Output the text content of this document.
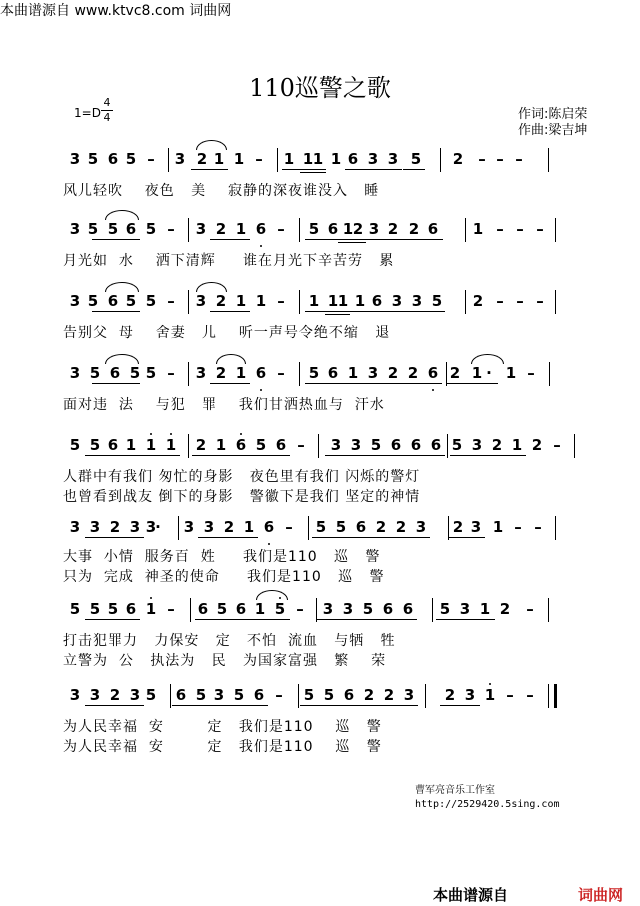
本曲谱源自 www.ktvc8.com 词曲网
110巡警之歌
1=D
4
4	作词:陈启荣
作曲:梁吉坤
3 5 6 5 –	3 2 1 1 –	1 1 1 1 6 3 3 5 2	– – –
风儿轻吹    夜色   美    寂静的深夜谁没入   睡
3 5 5 6 5 –	3 2 1 6 –	5 6 1 2 3 2 2 6 1 – – –
月光如  水    洒下清辉     谁在月光下辛苦劳   累
3 5 6 5 5 –	3 2 1 1 –	1 1 1 1 6 3 3 5 2 – – –
告别父  母    舍妻   儿    听一声号令绝不缩   退
3 5 6 5 5 –	3 2 1 6 –	5 6 1 3 2 2 6 2 1 · 1 –
面对违  法    与犯   罪    我们甘洒热血与  汗水
5 5 6 1 1 1 2 1 6 5 6 –	3 3 5 6 6 6 5 3 2 1 2 –
人群中有我们 匆忙的身影   夜色里有我们 闪烁的警灯
也曾看到战友 倒下的身影   警徽下是我们 坚定的神情
3 3 2 3 3
·	3 3 2 1 6 –	5 5 6 2 2 3 2 3 1 – –
大事  小情  服务百  姓     我们是110   巡   警
只为  完成  神圣的使命     我们是110   巡   警
5 5 5 6 1 –	6 5 6 1 5 –	3 3 5 6 6 5 3 1 2	–
打击犯罪力   力保安   定   不怕  流血   与牺   牲
立警为  公   执法为   民   为国家富强   繁    荣
3 3 2 3 5 6 5 3 5 6 –	5 5 6 2 2 3 2 3 1 – –
为人民幸福  安        定   我们是110    巡   警
为人民幸福  安        定   我们是110    巡   警
曹军亮音乐工作室
http://2529420.5sing.com
本曲谱源自	词曲网
